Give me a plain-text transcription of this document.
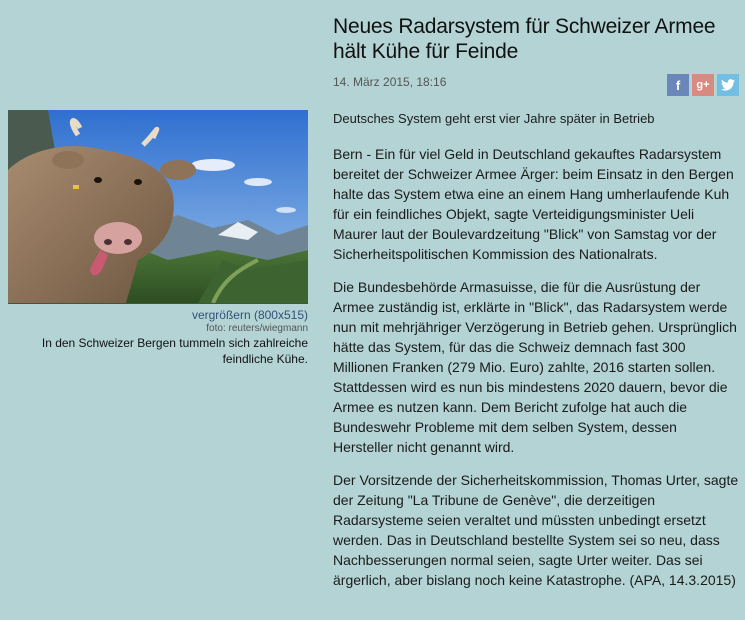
vergrößern (800x515)
foto: reuters/wiegmann
In den Schweizer Bergen tummeln sich zahlreiche feindliche Kühe.
Neues Radarsystem für Schweizer Armee hält Kühe für Feinde
14. März 2015, 18:16	f	g+

Deutsches System geht erst vier Jahre später in Betrieb

Bern - Ein für viel Geld in Deutschland gekauftes Radarsystem bereitet der Schweizer Armee Ärger: beim Einsatz in den Bergen halte das System etwa eine an einem Hang umherlaufende Kuh für ein feindliches Objekt, sagte Verteidigungsminister Ueli Maurer laut der Boulevardzeitung "Blick" von Samstag vor der Sicherheitspolitischen Kommission des Nationalrats.

Die Bundesbehörde Armasuisse, die für die Ausrüstung der Armee zuständig ist, erklärte in "Blick", das Radarsystem werde nun mit mehrjähriger Verzögerung in Betrieb gehen. Ursprünglich hätte das System, für das die Schweiz demnach fast 300 Millionen Franken (279 Mio. Euro) zahlte, 2016 starten sollen. Stattdessen wird es nun bis mindestens 2020 dauern, bevor die Armee es nutzen kann. Dem Bericht zufolge hat auch die Bundeswehr Probleme mit dem selben System, dessen Hersteller nicht genannt wird.

Der Vorsitzende der Sicherheitskommission, Thomas Urter, sagte der Zeitung "La Tribune de Genève", die derzeitigen Radarsysteme seien veraltet und müssten unbedingt ersetzt werden. Das in Deutschland bestellte System sei so neu, dass Nachbesserungen normal seien, sagte Urter weiter. Das sei ärgerlich, aber bislang noch keine Katastrophe. (APA, 14.3.2015)
